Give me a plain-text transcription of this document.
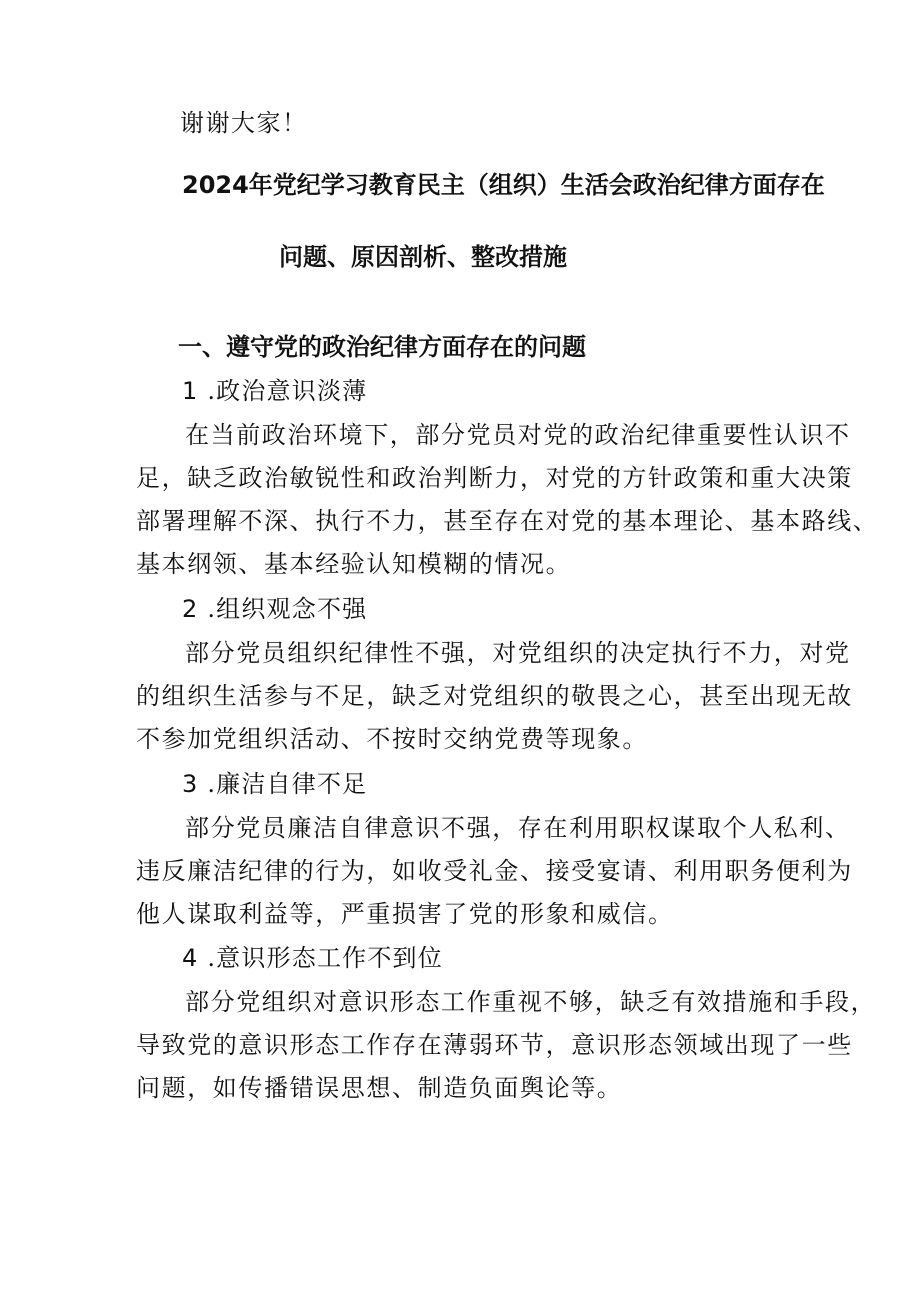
谢谢大家！
2024年党纪学习教育民主（组织）生活会政治纪律方面存在
问题、原因剖析、整改措施
一、遵守党的政治纪律方面存在的问题
1 .政治意识淡薄
在当前政治环境下，部分党员对党的政治纪律重要性认识不
足，缺乏政治敏锐性和政治判断力，对党的方针政策和重大决策
部署理解不深、执行不力，甚至存在对党的基本理论、基本路线、
基本纲领、基本经验认知模糊的情况。
2 .组织观念不强
部分党员组织纪律性不强，对党组织的决定执行不力，对党
的组织生活参与不足，缺乏对党组织的敬畏之心，甚至出现无故
不参加党组织活动、不按时交纳党费等现象。
3 .廉洁自律不足
部分党员廉洁自律意识不强，存在利用职权谋取个人私利、
违反廉洁纪律的行为，如收受礼金、接受宴请、利用职务便利为
他人谋取利益等，严重损害了党的形象和威信。
4 .意识形态工作不到位
部分党组织对意识形态工作重视不够，缺乏有效措施和手段，
导致党的意识形态工作存在薄弱环节，意识形态领域出现了一些
问题，如传播错误思想、制造负面舆论等。
